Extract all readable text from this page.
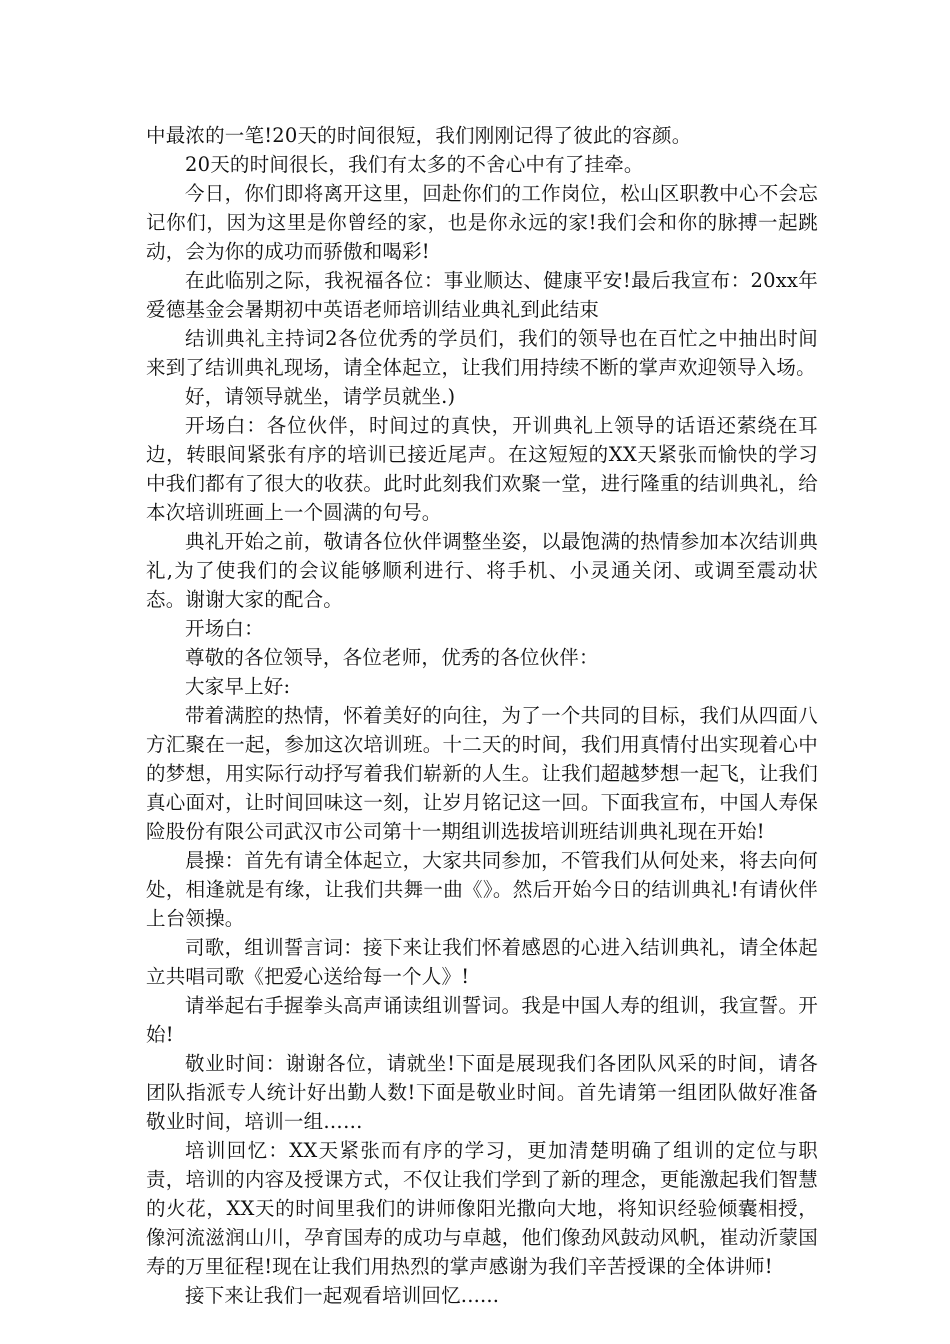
中最浓的一笔!20天的时间很短，我们刚刚记得了彼此的容颜。

20天的时间很长，我们有太多的不舍心中有了挂牵。

今日，你们即将离开这里，回赴你们的工作岗位，松山区职教中心不会忘记你们，因为这里是你曾经的家，也是你永远的家!我们会和你的脉搏一起跳动，会为你的成功而骄傲和喝彩!

在此临别之际，我祝福各位：事业顺达、健康平安!最后我宣布：20xx年爱德基金会暑期初中英语老师培训结业典礼到此结束

结训典礼主持词2各位优秀的学员们，我们的领导也在百忙之中抽出时间来到了结训典礼现场，请全体起立，让我们用持续不断的掌声欢迎领导入场。

好，请领导就坐，请学员就坐.)

开场白：各位伙伴，时间过的真快，开训典礼上领导的话语还萦绕在耳边，转眼间紧张有序的培训已接近尾声。在这短短的XX天紧张而愉快的学习中我们都有了很大的收获。此时此刻我们欢聚一堂，进行隆重的结训典礼，给本次培训班画上一个圆满的句号。

典礼开始之前，敬请各位伙伴调整坐姿，以最饱满的热情参加本次结训典礼,为了使我们的会议能够顺利进行、将手机、小灵通关闭、或调至震动状态。谢谢大家的配合。

开场白：

尊敬的各位领导，各位老师，优秀的各位伙伴：

大家早上好:

带着满腔的热情，怀着美好的向往，为了一个共同的目标，我们从四面八方汇聚在一起，参加这次培训班。十二天的时间，我们用真情付出实现着心中的梦想，用实际行动抒写着我们崭新的人生。让我们超越梦想一起飞，让我们真心面对，让时间回味这一刻，让岁月铭记这一回。下面我宣布，中国人寿保险股份有限公司武汉市公司第十一期组训选拔培训班结训典礼现在开始!

晨操：首先有请全体起立，大家共同参加，不管我们从何处来，将去向何处，相逢就是有缘，让我们共舞一曲《》。然后开始今日的结训典礼!有请伙伴上台领操。

司歌，组训誓言词：接下来让我们怀着感恩的心进入结训典礼，请全体起立共唱司歌《把爱心送给每一个人》!

请举起右手握拳头高声诵读组训誓词。我是中国人寿的组训，我宣誓。开始!

敬业时间：谢谢各位，请就坐!下面是展现我们各团队风采的时间，请各团队指派专人统计好出勤人数!下面是敬业时间。首先请第一组团队做好准备敬业时间，培训一组……

培训回忆：XX天紧张而有序的学习，更加清楚明确了组训的定位与职责，培训的内容及授课方式，不仅让我们学到了新的理念，更能激起我们智慧的火花，XX天的时间里我们的讲师像阳光撒向大地，将知识经验倾囊相授，像河流滋润山川，孕育国寿的成功与卓越，他们像劲风鼓动风帆，崔动沂蒙国寿的万里征程!现在让我们用热烈的掌声感谢为我们辛苦授课的全体讲师!

接下来让我们一起观看培训回忆......
